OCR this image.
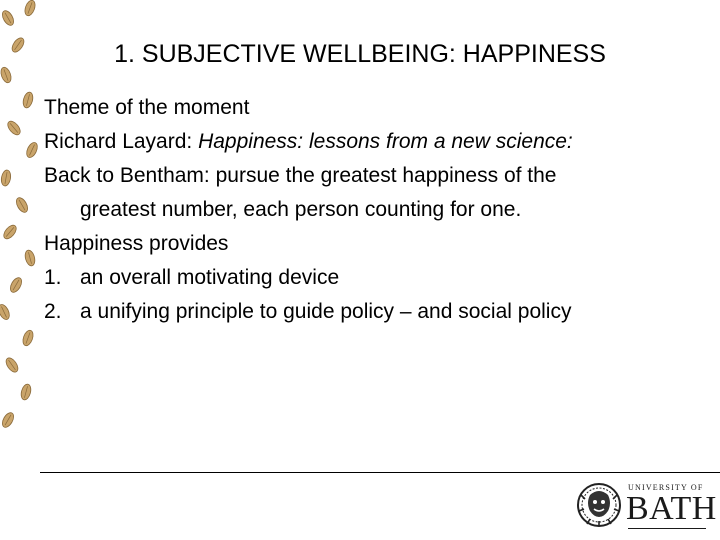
1. SUBJECTIVE WELLBEING: HAPPINESS
Theme of the moment
Richard Layard: Happiness: lessons from a new science:
Back to Bentham: pursue the greatest happiness of the
greatest number, each person counting for one.
Happiness provides
1. an overall motivating device
2. a unifying principle to guide policy – and social policy
UNIVERSITY OF
BATH
